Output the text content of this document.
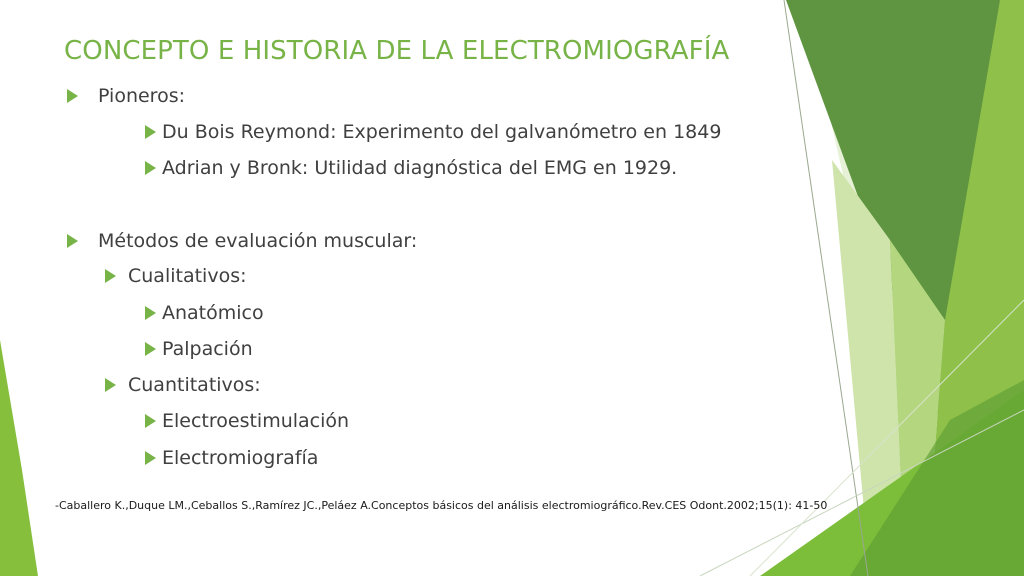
CONCEPTO E HISTORIA DE LA ELECTROMIOGRAFÍA
Pioneros:
Du Bois Reymond: Experimento del galvanómetro en 1849
Adrian y Bronk: Utilidad diagnóstica del EMG en 1929.
Métodos de evaluación muscular:
Cualitativos:
Anatómico
Palpación
Cuantitativos:
Electroestimulación
Electromiografía

-Caballero K.,Duque LM.,Ceballos S.,Ramírez JC.,Peláez A.Conceptos básicos del análisis electromiográfico.Rev.CES Odont.2002;15(1): 41-50
